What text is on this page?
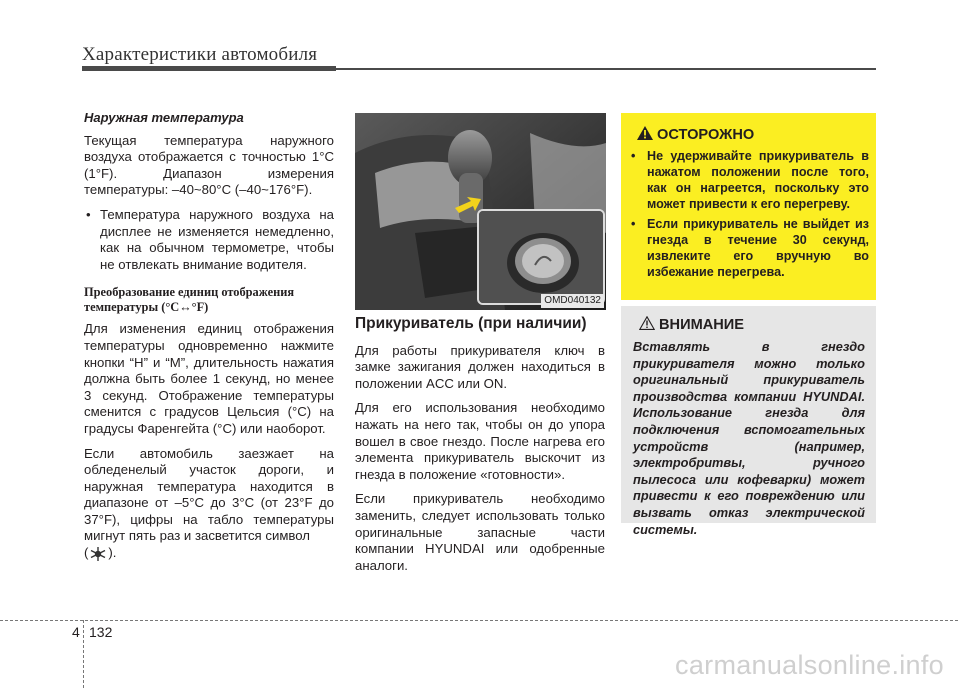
Характеристики автомобиля
Наружная температура

Текущая температура наружного воздуха отображается с точностью 1°C (1°F). Диапазон измерения температуры: –40~80°C (–40~176°F).

• Температура наружного воздуха на дисплее не изменяется немедленно, как на обычном термометре, чтобы не отвлекать внимание водителя.
Преобразование единиц отображения температуры (°C↔°F)

Для изменения единиц отображения температуры одновременно нажмите кнопки “H” и “M”, длительность нажатия должна быть более 1 секунд, но менее 3 секунд. Отображение температуры сменится с градусов Цельсия (°C) на градусы Фаренгейта (°C) или наоборот.

Если автомобиль заезжает на обледенелый участок дороги, и наружная температура находится в диапазоне от –5°C до 3°C (от 23°F до 37°F), цифры на табло температуры мигнут пять раз и засветится символ
( ).

OMD040132
Прикуриватель (при наличии)

Для работы прикуривателя ключ в замке зажигания должен находиться в положении ACC или ON.

Для его использования необходимо нажать на него так, чтобы он до упора вошел в свое гнездо. После нагрева его элемента прикуриватель выскочит из гнезда в положение «готовности».

Если прикуриватель необходимо заменить, следует использовать только оригинальные запасные части компании HYUNDAI или одобренные аналоги.

ОСТОРОЖНО
• Не удерживайте прикуриватель в нажатом положении после того, как он нагреется, поскольку это может привести к его перегреву.
• Если прикуриватель не выйдет из гнезда в течение 30 секунд, извлеките его вручную во избежание перегрева.
ВНИМАНИЕ
Вставлять в гнездо прикуривателя можно только оригинальный прикуриватель производства компании HYUNDAI. Использование гнезда для подключения вспомогательных устройств (например, электробритвы, ручного пылесоса или кофеварки) может привести к его повреждению или вызвать отказ электрической системы.
4 132
carmanualsonline.info
